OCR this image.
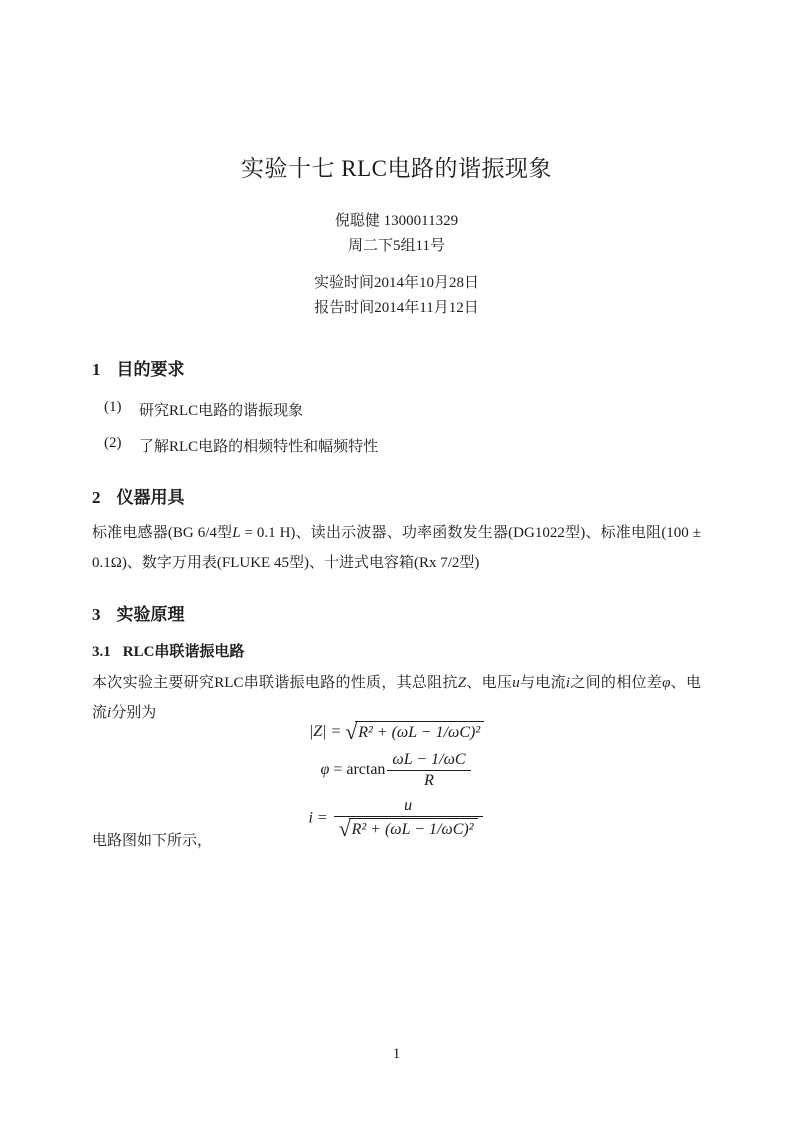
实验十七 RLC电路的谐振现象
倪聪健 1300011329
周二下5组11号
实验时间2014年10月28日
报告时间2014年11月12日
1 目的要求
(1)	研究RLC电路的谐振现象
(2)	了解RLC电路的相频特性和幅频特性
2 仪器用具
标准电感器(BG 6/4型L = 0.1 H)、读出示波器、功率函数发生器(DG1022型)、标准电阻(100 ±
0.1Ω)、数字万用表(FLUKE 45型)、十进式电容箱(Rx 7/2型)
3 实验原理
3.1 RLC串联谐振电路
本次实验主要研究RLC串联谐振电路的性质，其总阻抗Z、电压u与电流i之间的相位差φ、电
流i分别为
|Z| = √ R² + (ωL − 1/ωC)²
$\varphi = \arctan \frac{\omega L - 1/\omega C}{R}$
$i = \frac{u}{\text{√ R² + (ωL − 1/ωC)²}}$
电路图如下所示，
1
